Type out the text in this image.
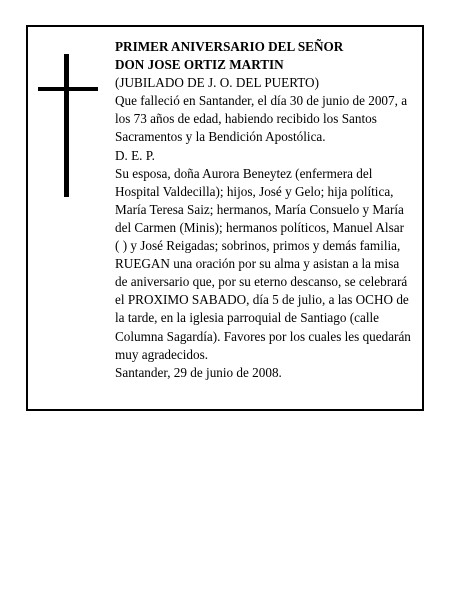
PRIMER ANIVERSARIO DEL SEÑOR
DON JOSE ORTIZ MARTIN
(JUBILADO DE J. O. DEL PUERTO)
Que falleció en Santander, el día 30 de junio de 2007, a
los 73 años de edad, habiendo recibido los Santos
Sacramentos y la Bendición Apostólica.
D. E. P.
Su esposa, doña Aurora Beneytez (enfermera del
Hospital Valdecilla); hijos, José y Gelo; hija política,
María Teresa Saiz; hermanos, María Consuelo y María
del Carmen (Minis); hermanos políticos, Manuel Alsar
( ) y José Reigadas; sobrinos, primos y demás familia,
RUEGAN una oración por su alma y asistan a la misa
de aniversario que, por su eterno descanso, se celebrará
el PROXIMO SABADO, día 5 de julio, a las OCHO de
la tarde, en la iglesia parroquial de Santiago (calle
Columna Sagardía). Favores por los cuales les quedarán
muy agradecidos.
Santander, 29 de junio de 2008.
